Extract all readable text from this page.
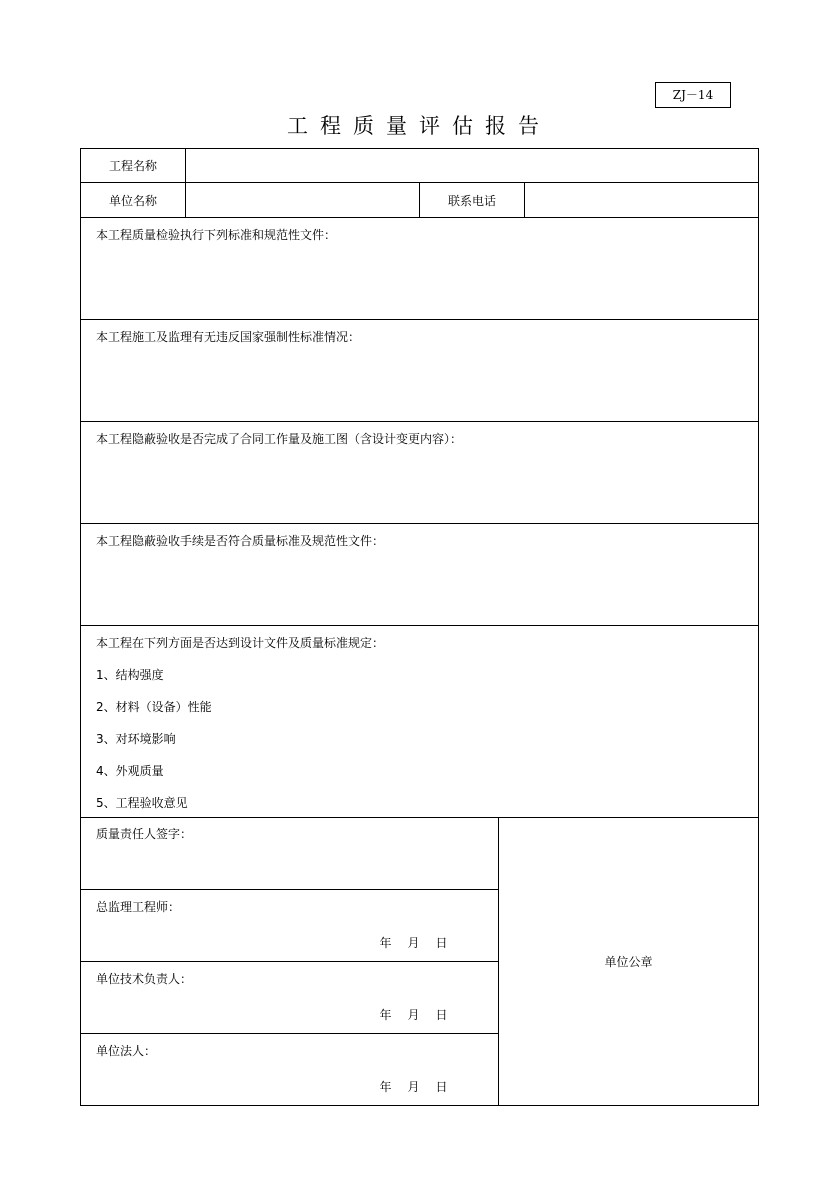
ZJ－14
工程质量评估报告
工程名称
单位名称	联系电话
本工程质量检验执行下列标准和规范性文件：
本工程施工及监理有无违反国家强制性标准情况：
本工程隐蔽验收是否完成了合同工作量及施工图（含设计变更内容）：
本工程隐蔽验收手续是否符合质量标准及规范性文件：
本工程在下列方面是否达到设计文件及质量标准规定：
1、结构强度
2、材料（设备）性能
3、对环境影响
4、外观质量
5、工程验收意见
质量责任人签字：
总监理工程师：
年 月 日
单位技术负责人：
年 月 日
单位法人：
年 月 日
单位公章
